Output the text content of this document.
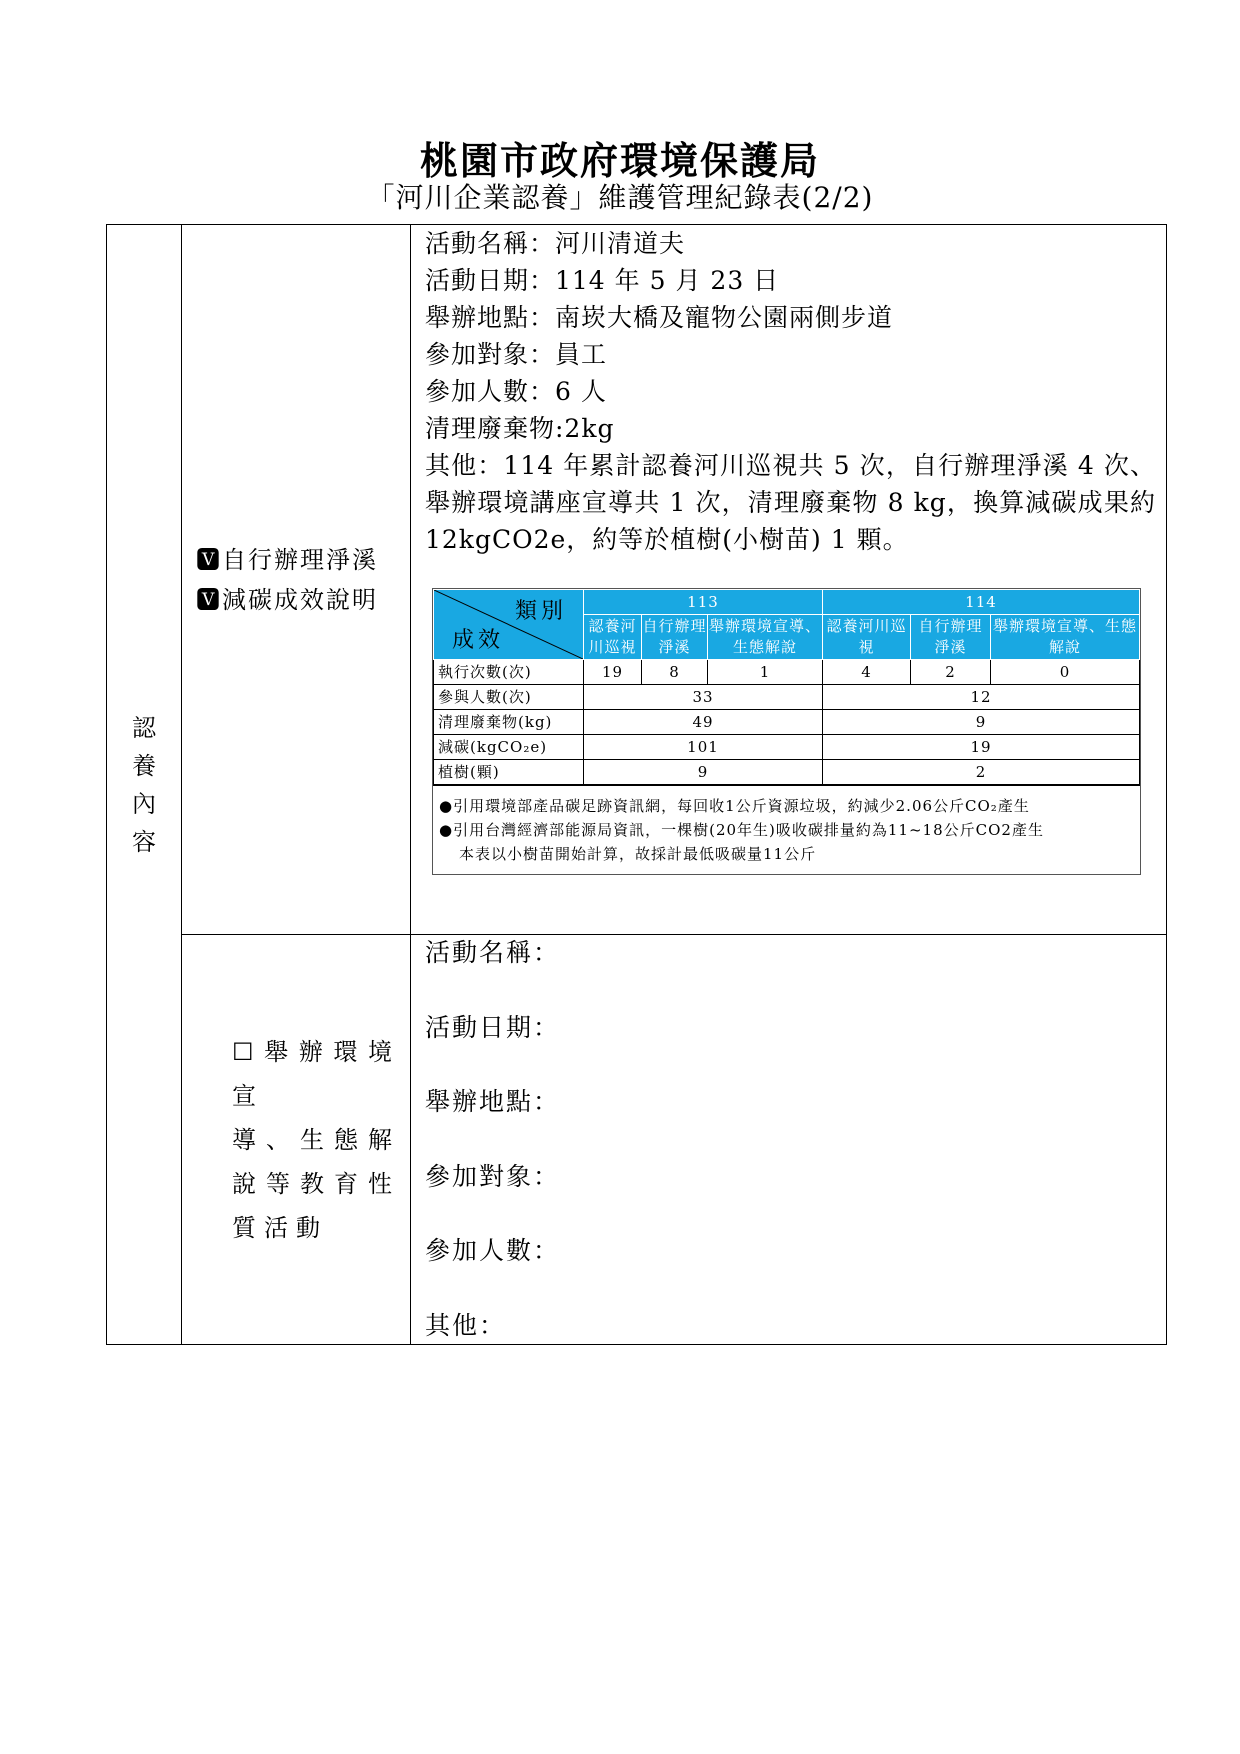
桃園市政府環境保護局
「河川企業認養」維護管理紀錄表(2/2)
認
養
內
容

🆅自行辦理淨溪
🆅減碳成效說明

活動名稱：河川清道夫
活動日期：114 年 5 月 23 日
舉辦地點：南崁大橋及寵物公園兩側步道
參加對象：員工
參加人數：6 人
清理廢棄物:2kg
其他：114 年累計認養河川巡視共 5 次，自行辦理淨溪 4 次、舉辦環境講座宣導共 1 次，清理廢棄物 8 kg，換算減碳成果約 12kgCO2e，約等於植樹(小樹苗) 1 顆。
類別
成效
	113	114
認養河川巡視	自行辦理淨溪	舉辦環境宣導、生態解說	認養河川巡視	自行辦理淨溪	舉辦環境宣導、生態解說
執行次數(次)	19	8	1	4	2	0
參與人數(次)	33	12
清理廢棄物(kg)	49	9
減碳(kgCO₂e)	101	19
植樹(顆)	9	2
●引用環境部產品碳足跡資訊網，每回收1公斤資源垃圾，約減少2.06公斤CO₂產生
●引用台灣經濟部能源局資訊，一棵樹(20年生)吸收碳排量約為11~18公斤CO2產生
本表以小樹苗開始計算，故採計最低吸碳量11公斤

☐舉辦環境宣
導、生態解
說等教育性
質活動

活動名稱：
活動日期：
舉辦地點：
參加對象：
參加人數：
其他：
